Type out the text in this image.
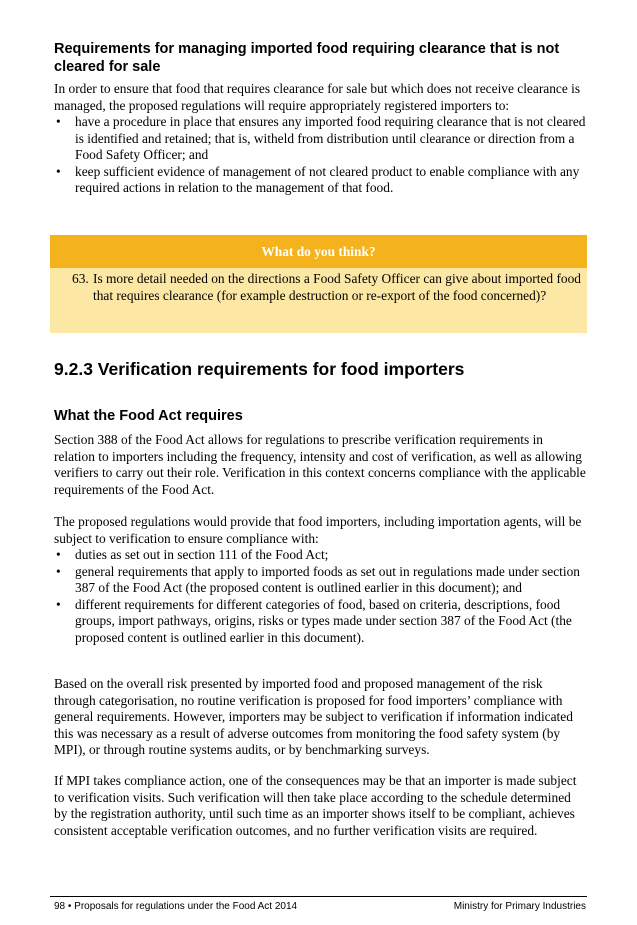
Requirements for managing imported food requiring clearance that is not cleared for sale
In order to ensure that food that requires clearance for sale but which does not receive clearance is managed, the proposed regulations will require appropriately registered importers to:
• have a procedure in place that ensures any imported food requiring clearance that is not cleared is identified and retained; that is, witheld from distribution until clearance or direction from a Food Safety Officer; and
• keep sufficient evidence of management of not cleared product to enable compliance with any required actions in relation to the management of that food.
What do you think?
63. Is more detail needed on the directions a Food Safety Officer can give about imported food that requires clearance (for example destruction or re-export of the food concerned)?
9.2.3 Verification requirements for food importers
What the Food Act requires
Section 388 of the Food Act allows for regulations to prescribe verification requirements in relation to importers including the frequency, intensity and cost of verification, as well as allowing verifiers to carry out their role. Verification in this context concerns compliance with the applicable requirements of the Food Act.
The proposed regulations would provide that food importers, including importation agents, will be subject to verification to ensure compliance with:
• duties as set out in section 111 of the Food Act;
• general requirements that apply to imported foods as set out in regulations made under section 387 of the Food Act (the proposed content is outlined earlier in this document); and
• different requirements for different categories of food, based on criteria, descriptions, food groups, import pathways, origins, risks or types made under section 387 of the Food Act (the proposed content is outlined earlier in this document).
Based on the overall risk presented by imported food and proposed management of the risk through categorisation, no routine verification is proposed for food importers’ compliance with general requirements. However, importers may be subject to verification if information indicated this was necessary as a result of adverse outcomes from monitoring the food safety system (by MPI), or through routine systems audits, or by benchmarking surveys.
If MPI takes compliance action, one of the consequences may be that an importer is made subject to verification visits. Such verification will then take place according to the schedule determined by the registration authority, until such time as an importer shows itself to be compliant, achieves consistent acceptable verification outcomes, and no further verification visits are required.
98 • Proposals for regulations under the Food Act 2014	Ministry for Primary Industries
